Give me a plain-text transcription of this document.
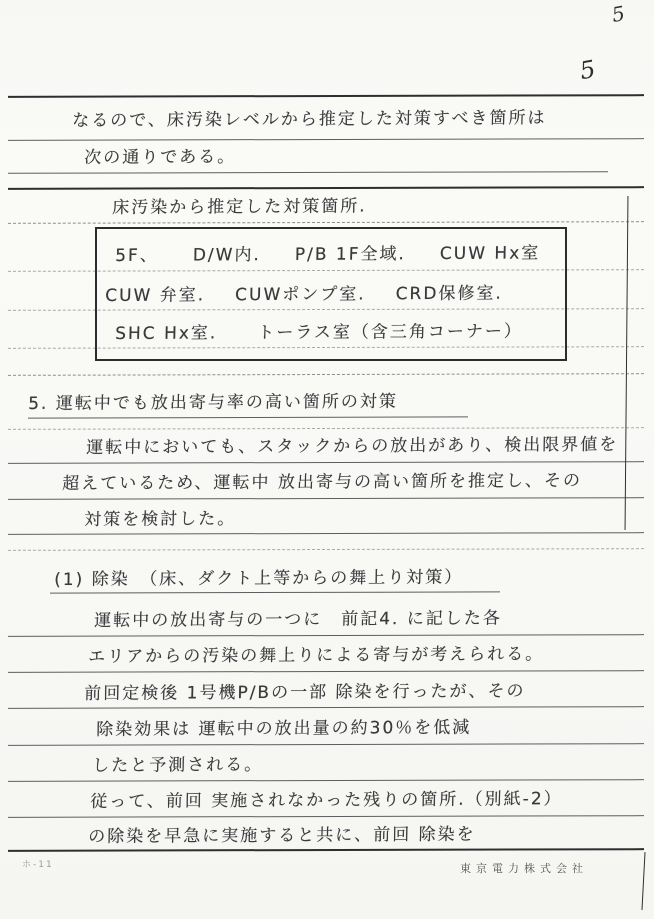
5
5
なるので、床汚染レベルから推定した対策すべき箇所は
次の通りである。
床汚染から推定した対策箇所.
5F、 D/W内. P/B 1F全域. CUW Hx室
CUW 弁室. CUWポンプ室. CRD保修室.
SHC Hx室. トーラス室（含三角コーナー）
5. 運転中でも放出寄与率の高い箇所の対策
運転中においても、スタックからの放出があり、検出限界値を
超えているため、運転中 放出寄与の高い箇所を推定し、その
対策を検討した。
(1) 除染　（床、ダクト上等からの舞上り対策）
運転中の放出寄与の一つに　前記4. に記した各
エリアからの汚染の舞上りによる寄与が考えられる。
前回定検後 1号機P/Bの一部 除染を行ったが、その
除染効果は 運転中の放出量の約30％を低減
したと予測される。
従って、前回 実施されなかった残りの箇所.（別紙-2）
の除染を早急に実施すると共に、前回 除染を
ホ-11	東京電力株式会社
